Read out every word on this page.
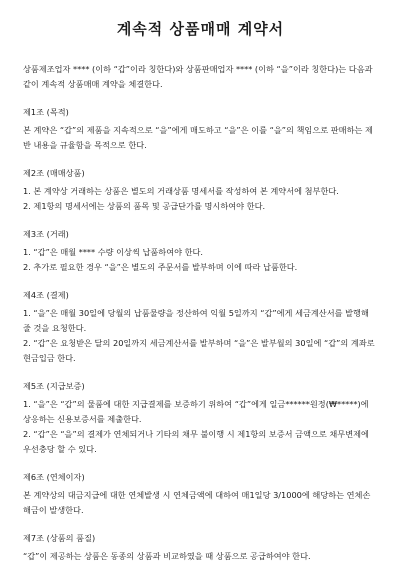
계속적 상품매매 계약서

상품제조업자 **** (이하 “갑”이라 칭한다)와 상품판매업자 **** (이하 “을”이라 칭한다)는 다음과 같이 계속적 상품매매 계약을 체결한다.

제1조 (목적)

본 계약은 “갑”의 제품을 지속적으로 “을”에게 매도하고 “을”은 이를 “을”의 책임으로 판매하는 제반 내용을 규율함을 목적으로 한다.

제2조 (매매상품)

1. 본 계약상 거래하는 상품은 별도의 거래상품 명세서를 작성하여 본 계약서에 첨부한다.

2. 제1항의 명세서에는 상품의 품목 및 공급단가를 명시하여야 한다.

제3조 (거래)

1. “갑”은 매월 **** 수량 이상씩 납품하여야 한다.

2. 추가로 필요한 경우 “을”은 별도의 주문서를 발부하며 이에 따라 납품한다.

제4조 (결제)

1. “을”은 매월 30일에 당월의 납품물량을 정산하여 익월 5일까지 “갑”에게 세금계산서를 발행해 줄 것을 요청한다.

2. “갑”은 요청받은 달의 20일까지 세금계산서를 발부하며 “을”은 발부월의 30일에 “갑”의 계좌로 현금입금 한다.

제5조 (지급보증)

1. “을”은 “갑”의 물품에 대한 지급결제를 보증하기 위하여 “갑”에게 일금******원정(₩*****)에 상응하는 신용보증서를 제출한다.

2. “갑”은 “을”의 결제가 연체되거나 기타의 채무 불이행 시 제1항의 보증서 금액으로 채무변제에 우선충당 할 수 있다.

제6조 (연체이자)

본 계약상의 대금지급에 대한 연체발생 시 연체금액에 대하여 매1일당 3/1000에 해당하는 연체손해금이 발생한다.

제7조 (상품의 품질)

“갑”이 제공하는 상품은 동종의 상품과 비교하였을 때 상품으로 공급하여야 한다.
